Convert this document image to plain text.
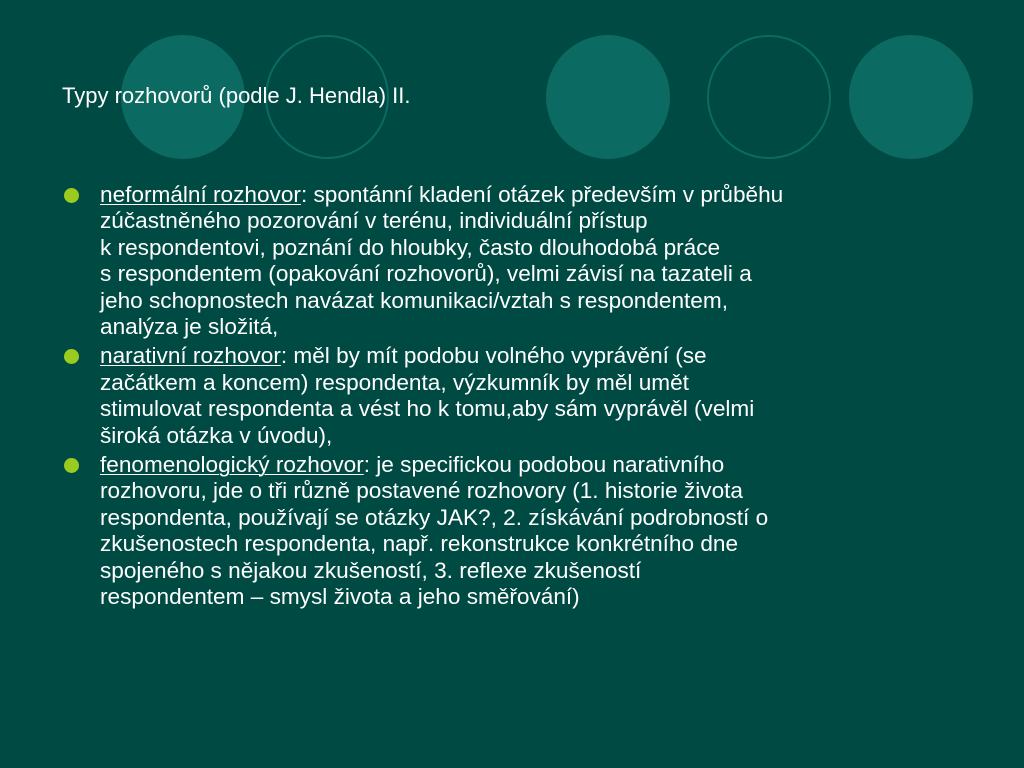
Typy rozhovorů (podle J. Hendla) II.
neformální rozhovor: spontánní kladení otázek především v průběhu
zúčastněného pozorování v terénu, individuální přístup
k respondentovi, poznání do hloubky, často dlouhodobá práce
s respondentem (opakování rozhovorů), velmi závisí na tazateli a
jeho schopnostech navázat komunikaci/vztah s respondentem,
analýza je složitá,
narativní rozhovor: měl by mít podobu volného vyprávění (se
začátkem a koncem) respondenta, výzkumník by měl umět
stimulovat respondenta a vést ho k tomu,aby sám vyprávěl (velmi
široká otázka v úvodu),
fenomenologický rozhovor: je specifickou podobou narativního
rozhovoru, jde o tři různě postavené rozhovory (1. historie života
respondenta, používají se otázky JAK?, 2. získávání podrobností o
zkušenostech respondenta, např. rekonstrukce konkrétního dne
spojeného s nějakou zkušeností, 3. reflexe zkušeností
respondentem – smysl života a jeho směřování)
